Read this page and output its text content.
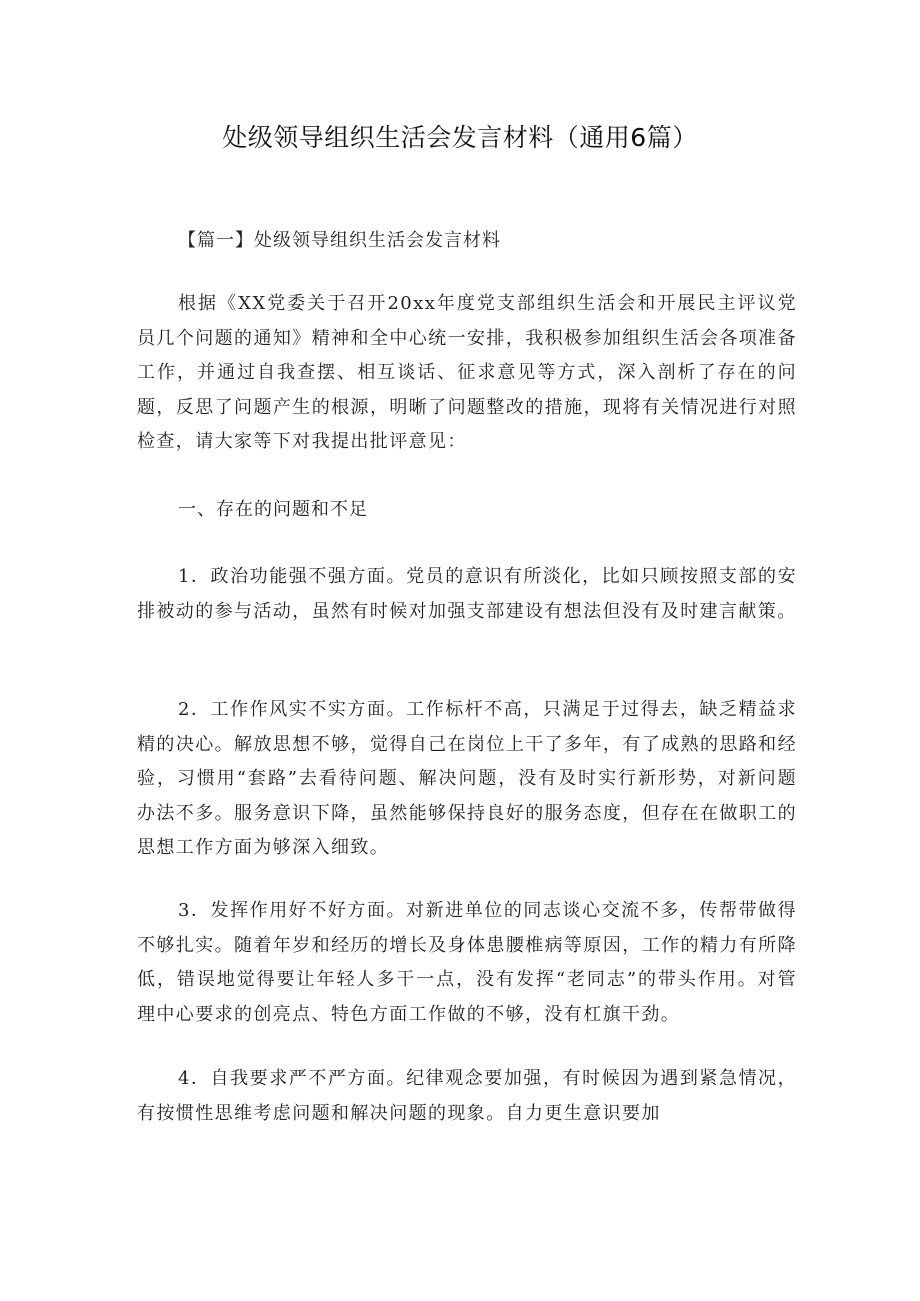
处级领导组织生活会发言材料（通用6篇）

【篇一】处级领导组织生活会发言材料

根据《XX党委关于召开20xx年度党支部组织生活会和开展民主评议党员几个问题的通知》精神和全中心统一安排，我积极参加组织生活会各项准备工作，并通过自我查摆、相互谈话、征求意见等方式，深入剖析了存在的问题，反思了问题产生的根源，明晰了问题整改的措施，现将有关情况进行对照检查，请大家等下对我提出批评意见：

一、存在的问题和不足

1．政治功能强不强方面。党员的意识有所淡化，比如只顾按照支部的安排被动的参与活动，虽然有时候对加强支部建设有想法但没有及时建言献策。

2．工作作风实不实方面。工作标杆不高，只满足于过得去，缺乏精益求精的决心。解放思想不够，觉得自己在岗位上干了多年，有了成熟的思路和经验，习惯用“套路”去看待问题、解决问题，没有及时实行新形势，对新问题办法不多。服务意识下降，虽然能够保持良好的服务态度，但存在在做职工的思想工作方面为够深入细致。

3．发挥作用好不好方面。对新进单位的同志谈心交流不多，传帮带做得不够扎实。随着年岁和经历的增长及身体患腰椎病等原因，工作的精力有所降低，错误地觉得要让年轻人多干一点，没有发挥“老同志”的带头作用。对管理中心要求的创亮点、特色方面工作做的不够，没有杠旗干劲。

4．自我要求严不严方面。纪律观念要加强，有时候因为遇到紧急情况，有按惯性思维考虑问题和解决问题的现象。自力更生意识要加
